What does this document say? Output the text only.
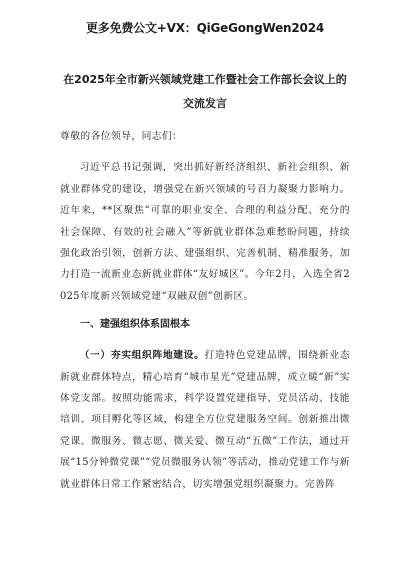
更多免费公文+VX：QiGeGongWen2024
在2025年全市新兴领域党建工作暨社会工作部长会议上的
交流发言

尊敬的各位领导，同志们：

习近平总书记强调，突出抓好新经济组织、新社会组织、新就业群体党的建设，增强党在新兴领域的号召力凝聚力影响力。近年来，**区聚焦“可靠的职业安全、合理的利益分配、充分的社会保障、有效的社会融入”等新就业群体急难愁盼问题，持续强化政治引领，创新方法、建强组织、完善机制、精准服务，加力打造一流新业态新就业群体“友好城区”。今年2月，入选全省2025年度新兴领域党建“双融双创”创新区。

一、建强组织体系固根本

（一）夯实组织阵地建设。打造特色党建品牌，围绕新业态新就业群体特点，精心培育“城市星光”党建品牌，成立暖“新”实体党支部。按照功能需求，科学设置党建指导、党员活动、技能培训、项目孵化等区域，构建全方位党建服务空间。创新推出微党课、微服务、微志愿、微关爱、微互动“五微”工作法，通过开展“15分钟微党课”“党员微服务认领”等活动，推动党建工作与新就业群体日常工作紧密结合，切实增强党组织凝聚力。完善阵
